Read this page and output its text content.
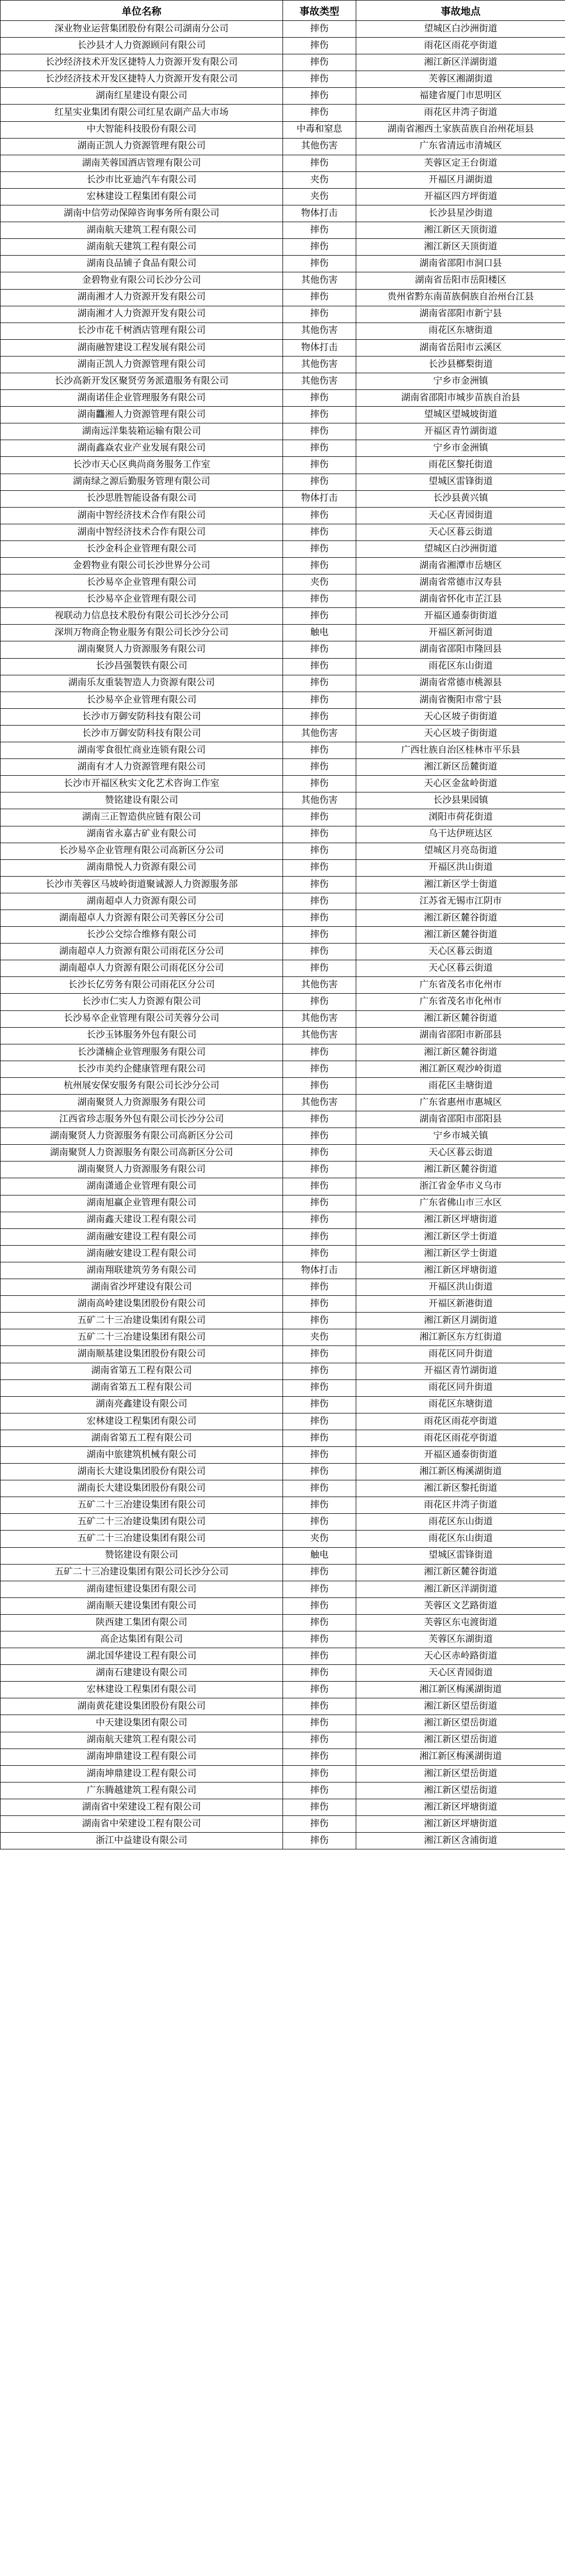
单位名称	事故类型	事故地点
深业物业运营集团股份有限公司湖南分公司	摔伤	望城区白沙洲街道
长沙县才人力资源顾问有限公司	摔伤	雨花区雨花亭街道
长沙经济技术开发区捷特人力资源开发有限公司	摔伤	湘江新区洋湖街道
长沙经济技术开发区捷特人力资源开发有限公司	摔伤	芙蓉区湘湖街道
湖南红星建设有限公司	摔伤	福建省厦门市思明区
红星实业集团有限公司红星农副产品大市场	摔伤	雨花区井湾子街道
中大智能科技股份有限公司	中毒和窒息	湖南省湘西土家族苗族自治州花垣县
湖南正凯人力资源管理有限公司	其他伤害	广东省清远市清城区
湖南芙蓉国酒店管理有限公司	摔伤	芙蓉区定王台街道
长沙市比亚迪汽车有限公司	夹伤	开福区月湖街道
宏林建设工程集团有限公司	夹伤	开福区四方坪街道
湖南中信劳动保障咨询事务所有限公司	物体打击	长沙县星沙街道
湖南航天建筑工程有限公司	摔伤	湘江新区天顶街道
湖南航天建筑工程有限公司	摔伤	湘江新区天顶街道
湖南良品铺子食品有限公司	摔伤	湖南省邵阳市洞口县
金碧物业有限公司长沙分公司	其他伤害	湖南省岳阳市岳阳楼区
湖南湘才人力资源开发有限公司	摔伤	贵州省黔东南苗族侗族自治州台江县
湖南湘才人力资源开发有限公司	摔伤	湖南省邵阳市新宁县
长沙市花千树酒店管理有限公司	其他伤害	雨花区东塘街道
湖南融智建设工程发展有限公司	物体打击	湖南省岳阳市云溪区
湖南正凯人力资源管理有限公司	其他伤害	长沙县榔梨街道
长沙高新开发区聚贤劳务派遣服务有限公司	其他伤害	宁乡市金洲镇
湖南诺佳企业管理服务有限公司	摔伤	湖南省邵阳市城步苗族自治县
湖南龘湘人力资源管理有限公司	摔伤	望城区望城坡街道
湖南远洋集装箱运输有限公司	摔伤	开福区青竹湖街道
湖南鑫焱农业产业发展有限公司	摔伤	宁乡市金洲镇
长沙市天心区典尚商务服务工作室	摔伤	雨花区黎托街道
湖南绿之源后勤服务管理有限公司	摔伤	望城区雷锋街道
长沙思胜智能设备有限公司	物体打击	长沙县黄兴镇
湖南中智经济技术合作有限公司	摔伤	天心区青园街道
湖南中智经济技术合作有限公司	摔伤	天心区暮云街道
长沙金科企业管理有限公司	摔伤	望城区白沙洲街道
金碧物业有限公司长沙世界分公司	摔伤	湖南省湘潭市岳塘区
长沙易卒企业管理有限公司	夹伤	湖南省常德市汉寿县
长沙易卒企业管理有限公司	摔伤	湖南省怀化市芷江县
视联动力信息技术股份有限公司长沙分公司	摔伤	开福区通泰街街道
深圳万物商企物业服务有限公司长沙分公司	触电	开福区新河街道
湖南聚贤人力资源服务有限公司	摔伤	湖南省邵阳市隆回县
长沙昌强製铁有限公司	摔伤	雨花区东山街道
湖南乐友重装智造人力资源有限公司	摔伤	湖南省常德市桃源县
长沙易卒企业管理有限公司	摔伤	湖南省衡阳市常宁县
长沙市万御安防科技有限公司	摔伤	天心区坡子街街道
长沙市万御安防科技有限公司	其他伤害	天心区坡子街街道
湖南零食很忙商业连锁有限公司	摔伤	广西壮族自治区桂林市平乐县
湖南有才人力资源管理有限公司	摔伤	湘江新区岳麓街道
长沙市开福区秋实文化艺术咨询工作室	摔伤	天心区金盆岭街道
赞铭建设有限公司	其他伤害	长沙县果园镇
湖南三正智造供应链有限公司	摔伤	浏阳市荷花街道
湖南省永嘉古矿业有限公司	摔伤	乌干达伊班达区
长沙易卒企业管理有限公司高新区分公司	摔伤	望城区月亮岛街道
湖南鼎悦人力资源有限公司	摔伤	开福区洪山街道
长沙市芙蓉区马坡岭街道聚诚源人力资源服务部	摔伤	湘江新区学士街道
湖南超卓人力资源有限公司	摔伤	江苏省无锡市江阴市
湖南超卓人力资源有限公司芙蓉区分公司	摔伤	湘江新区麓谷街道
长沙公交综合维修有限公司	摔伤	湘江新区麓谷街道
湖南超卓人力资源有限公司雨花区分公司	摔伤	天心区暮云街道
湖南超卓人力资源有限公司雨花区分公司	摔伤	天心区暮云街道
长沙长亿劳务有限公司雨花区分公司	其他伤害	广东省茂名市化州市
长沙市仁实人力资源有限公司	摔伤	广东省茂名市化州市
长沙易卒企业管理有限公司芙蓉分公司	其他伤害	湘江新区麓谷街道
长沙玉钵服务外包有限公司	其他伤害	湖南省邵阳市新邵县
长沙潇楠企业管理服务有限公司	摔伤	湘江新区麓谷街道
长沙市美约企健康管理有限公司	摔伤	湘江新区观沙岭街道
杭州展安保安服务有限公司长沙分公司	摔伤	雨花区圭塘街道
湖南聚贤人力资源服务有限公司	其他伤害	广东省惠州市惠城区
江西省珍志服务外包有限公司长沙分公司	摔伤	湖南省邵阳市邵阳县
湖南聚贤人力资源服务有限公司高新区分公司	摔伤	宁乡市城关镇
湖南聚贤人力资源服务有限公司高新区分公司	摔伤	天心区暮云街道
湖南聚贤人力资源服务有限公司	摔伤	湘江新区麓谷街道
湖南潇通企业管理有限公司	摔伤	浙江省金华市义乌市
湖南旭赢企业管理有限公司	摔伤	广东省佛山市三水区
湖南鑫天建设工程有限公司	摔伤	湘江新区坪塘街道
湖南融安建设工程有限公司	摔伤	湘江新区学士街道
湖南融安建设工程有限公司	摔伤	湘江新区学士街道
湖南翔联建筑劳务有限公司	物体打击	湘江新区坪塘街道
湖南省沙坪建设有限公司	摔伤	开福区洪山街道
湖南高岭建设集团股份有限公司	摔伤	开福区新港街道
五矿二十三冶建设集团有限公司	摔伤	湘江新区月湖街道
五矿二十三冶建设集团有限公司	夹伤	湘江新区东方红街道
湖南顺基建设集团股份有限公司	摔伤	雨花区同升街道
湖南省第五工程有限公司	摔伤	开福区青竹湖街道
湖南省第五工程有限公司	摔伤	雨花区同升街道
湖南亮鑫建设有限公司	摔伤	雨花区东塘街道
宏林建设工程集团有限公司	摔伤	雨花区雨花亭街道
湖南省第五工程有限公司	摔伤	雨花区雨花亭街道
湖南中旅建筑机械有限公司	摔伤	开福区通泰街街道
湖南长大建设集团股份有限公司	摔伤	湘江新区梅溪湖街道
湖南长大建设集团股份有限公司	摔伤	湘江新区黎托街道
五矿二十三冶建设集团有限公司	摔伤	雨花区井湾子街道
五矿二十三冶建设集团有限公司	摔伤	雨花区东山街道
五矿二十三冶建设集团有限公司	夹伤	雨花区东山街道
赞铭建设有限公司	触电	望城区雷锋街道
五矿二十三冶建设集团有限公司长沙分公司	摔伤	湘江新区麓谷街道
湖南建恒建设集团有限公司	摔伤	湘江新区洋湖街道
湖南顺天建设集团有限公司	摔伤	芙蓉区文艺路街道
陕西建工集团有限公司	摔伤	芙蓉区东屯渡街道
高企达集团有限公司	摔伤	芙蓉区东湖街道
湖北国华建设工程有限公司	摔伤	天心区赤岭路街道
湖南石建建设有限公司	摔伤	天心区青园街道
宏林建设工程集团有限公司	摔伤	湘江新区梅溪湖街道
湖南黄花建设集团股份有限公司	摔伤	湘江新区望岳街道
中天建设集团有限公司	摔伤	湘江新区望岳街道
湖南航天建筑工程有限公司	摔伤	湘江新区望岳街道
湖南坤鼎建设工程有限公司	摔伤	湘江新区梅溪湖街道
湖南坤鼎建设工程有限公司	摔伤	湘江新区望岳街道
广东腾越建筑工程有限公司	摔伤	湘江新区望岳街道
湖南省中荣建设工程有限公司	摔伤	湘江新区坪塘街道
湖南省中荣建设工程有限公司	摔伤	湘江新区坪塘街道
浙江中益建设有限公司	摔伤	湘江新区含浦街道
